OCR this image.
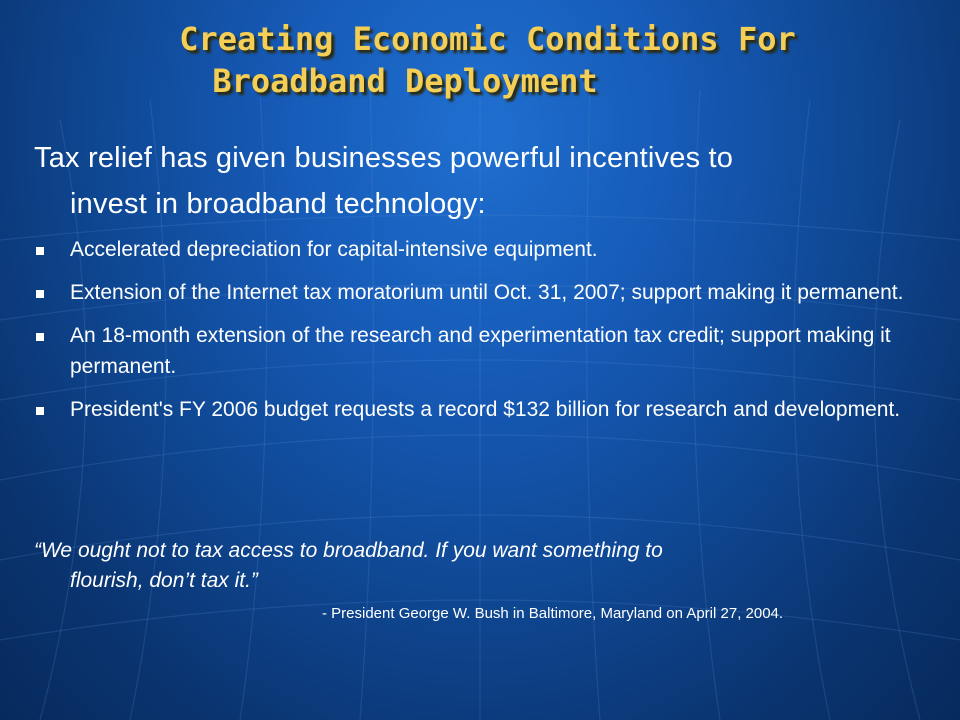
Creating Economic Conditions For
Broadband Deployment
Tax relief has given businesses powerful incentives to
invest in broadband technology:
Accelerated depreciation for capital-intensive equipment.
Extension of the Internet tax moratorium until Oct. 31, 2007; support making it permanent.
An 18-month extension of the research and experimentation tax credit; support making it permanent.
President's FY 2006 budget requests a record $132 billion for research and development.
“We ought not to tax access to broadband. If you want something to
flourish, don’t tax it.”
- President George W. Bush in Baltimore, Maryland on April 27, 2004.
